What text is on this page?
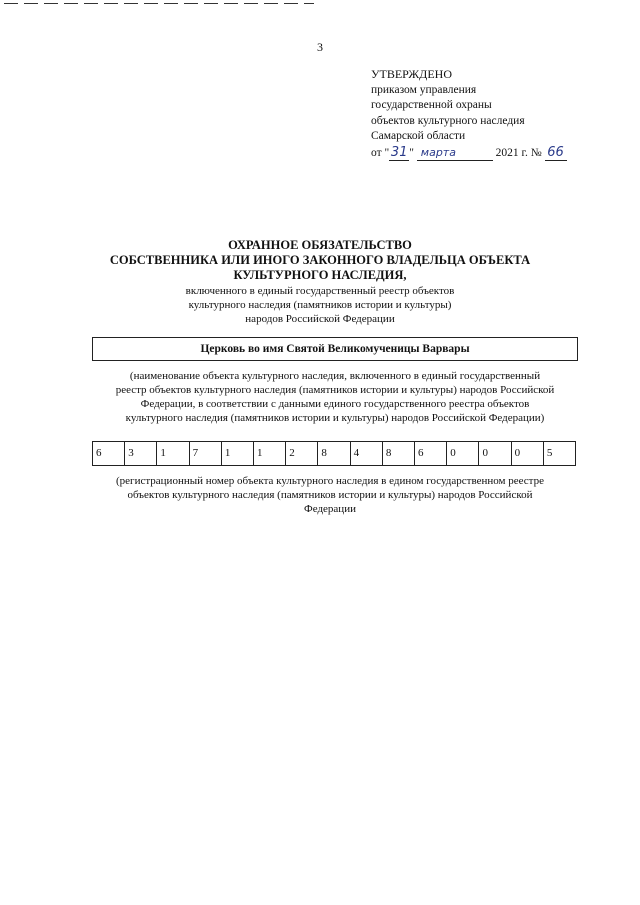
3
УТВЕРЖДЕНО
приказом управления
государственной охраны
объектов культурного наследия
Самарской области
от " 31 " марта	2021 г. № 66
ОХРАННОЕ ОБЯЗАТЕЛЬСТВО
СОБСТВЕННИКА ИЛИ ИНОГО ЗАКОННОГО ВЛАДЕЛЬЦА ОБЪЕКТА
КУЛЬТУРНОГО НАСЛЕДИЯ,
включенного в единый государственный реестр объектов
культурного наследия (памятников истории и культуры)
народов Российской Федерации
Церковь во имя Святой Великомученицы Варвары
(наименование объекта культурного наследия, включенного в единый государственный
реестр объектов культурного наследия (памятников истории и культуры) народов Российской
Федерации, в соответствии с данными единого государственного реестра объектов
культурного наследия (памятников истории и культуры) народов Российской Федерации)
6	3	1	7	1	1	2	8	4	8	6	0	0	0	5
(регистрационный номер объекта культурного наследия в едином государственном реестре
объектов культурного наследия (памятников истории и культуры) народов Российской
Федерации
